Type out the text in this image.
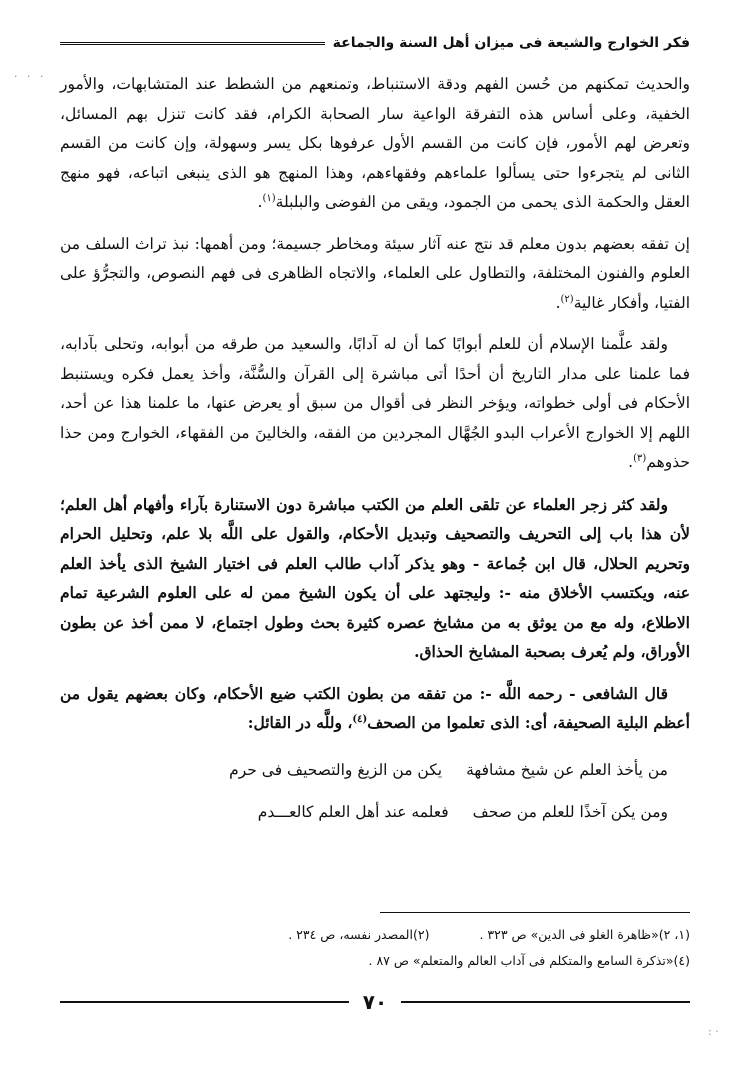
فكر الخوارج والشيعة فى ميزان أهل السنة والجماعة
· · · والحديث تمكنهم من حُسن الفهم ودقة الاستنباط، وتمنعهم من الشطط عند المتشابهات، والأمور الخفية، وعلى أساس هذه التفرقة الواعية سار الصحابة الكرام، فقد كانت تنزل بهم المسائل، وتعرض لهم الأمور، فإن كانت من القسم الأول عرفوها بكل يسر وسهولة، وإن كانت من القسم الثانى لم يتجرءوا حتى يسألوا علماءهم وفقهاءهم، وهذا المنهج هو الذى ينبغى اتباعه، فهو منهج العقل والحكمة الذى يحمى من الجمود، ويقى من الفوضى والبلبلة$^{(١)}$.

إن تفقه بعضهم بدون معلم قد نتج عنه آثار سيئة ومخاطر جسيمة؛ ومن أهمها: نبذ تراث السلف من العلوم والفنون المختلفة، والتطاول على العلماء، والاتجاه الظاهرى فى فهم النصوص، والتجرُّؤ على الفتيا، وأفكار غالية$^{(٢)}$.

ولقد علَّمنا الإسلام أن للعلم أبوابًا كما أن له آدابًا، والسعيد من طرقه من أبوابه، وتحلى بآدابه، فما علمنا على مدار التاريخ أن أحدًا أتى مباشرة إلى القرآن والسُّنَّة، وأخذ يعمل فكره ويستنبط الأحكام فى أولى خطواته، ويؤخر النظر فى أقوال من سبق أو يعرض عنها، ما علمنا هذا عن أحد، اللهم إلا الخوارج الأعراب البدو الجُهَّال المجردين من الفقه، والخالينَ من الفقهاء، الخوارج ومن حذا حذوهم$^{(٣)}$.

ولقد كثر زجر العلماء عن تلقى العلم من الكتب مباشرة دون الاستنارة بآراء وأفهام أهل العلم؛ لأن هذا باب إلى التحريف والتصحيف وتبديل الأحكام، والقول على اللَّه بلا علم، وتحليل الحرام وتحريم الحلال، قال ابن جُماعة - وهو يذكر آداب طالب العلم فى اختيار الشيخ الذى يأخذ العلم عنه، ويكتسب الأخلاق منه -: وليجتهد على أن يكون الشيخ ممن له على العلوم الشرعية تمام الاطلاع، وله مع من يوثق به من مشايخ عصره كثيرة بحث وطول اجتماع، لا ممن أخذ عن بطون الأوراق، ولم يُعرف بصحبة المشايخ الحذاق.

قال الشافعى - رحمه اللَّه -: من تفقه من بطون الكتب ضيع الأحكام، وكان بعضهم يقول من أعظم البلية الصحيفة، أى: الذى تعلموا من الصحف$^{(٤)}$، وللَّه در القائل:

من يأخذ العلم عن شيخ مشافهة
يكن من الزيغ والتصحيف فى حرم
ومن يكن آخذًا للعلم من صحف
فعلمه عند أهل العلم كالعـــدم
(١، ٢)«ظاهرة الغلو فى الدين» ص ٣٢٣ .
(٢)المصدر نفسه، ص ٢٣٤ .
(٤)«تذكرة السامع والمتكلم فى آداب العالم والمتعلم» ص ٨٧ .
٧٠
· :
